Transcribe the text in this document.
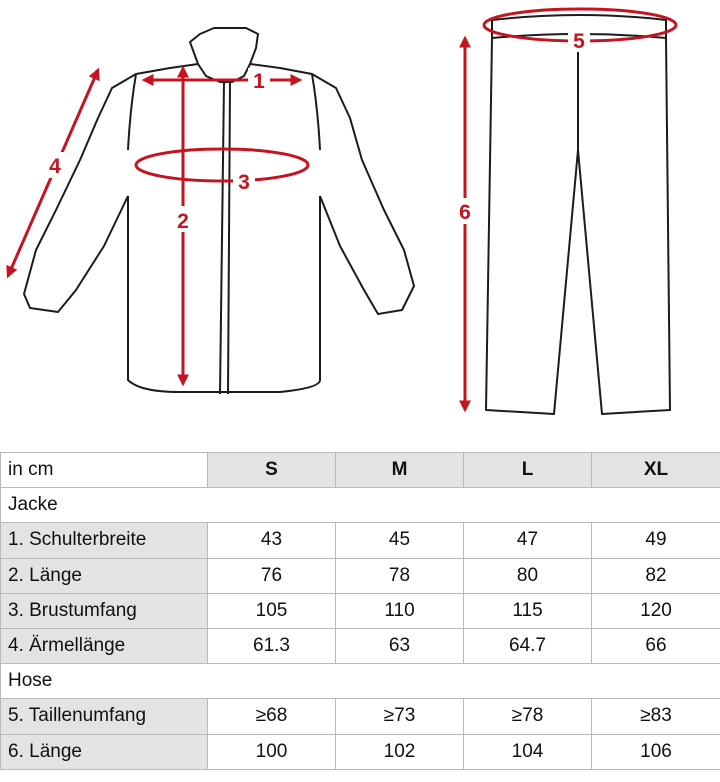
1
2
3
4
5
6
in cm	S	M	L	XL
Jacke				
1. Schulterbreite	43	45	47	49
2. Länge	76	78	80	82
3. Brustumfang	105	110	115	120
4. Ärmellänge	61.3	63	64.7	66
Hose				
5. Taillenumfang	≥68	≥73	≥78	≥83
6. Länge	100	102	104	106
